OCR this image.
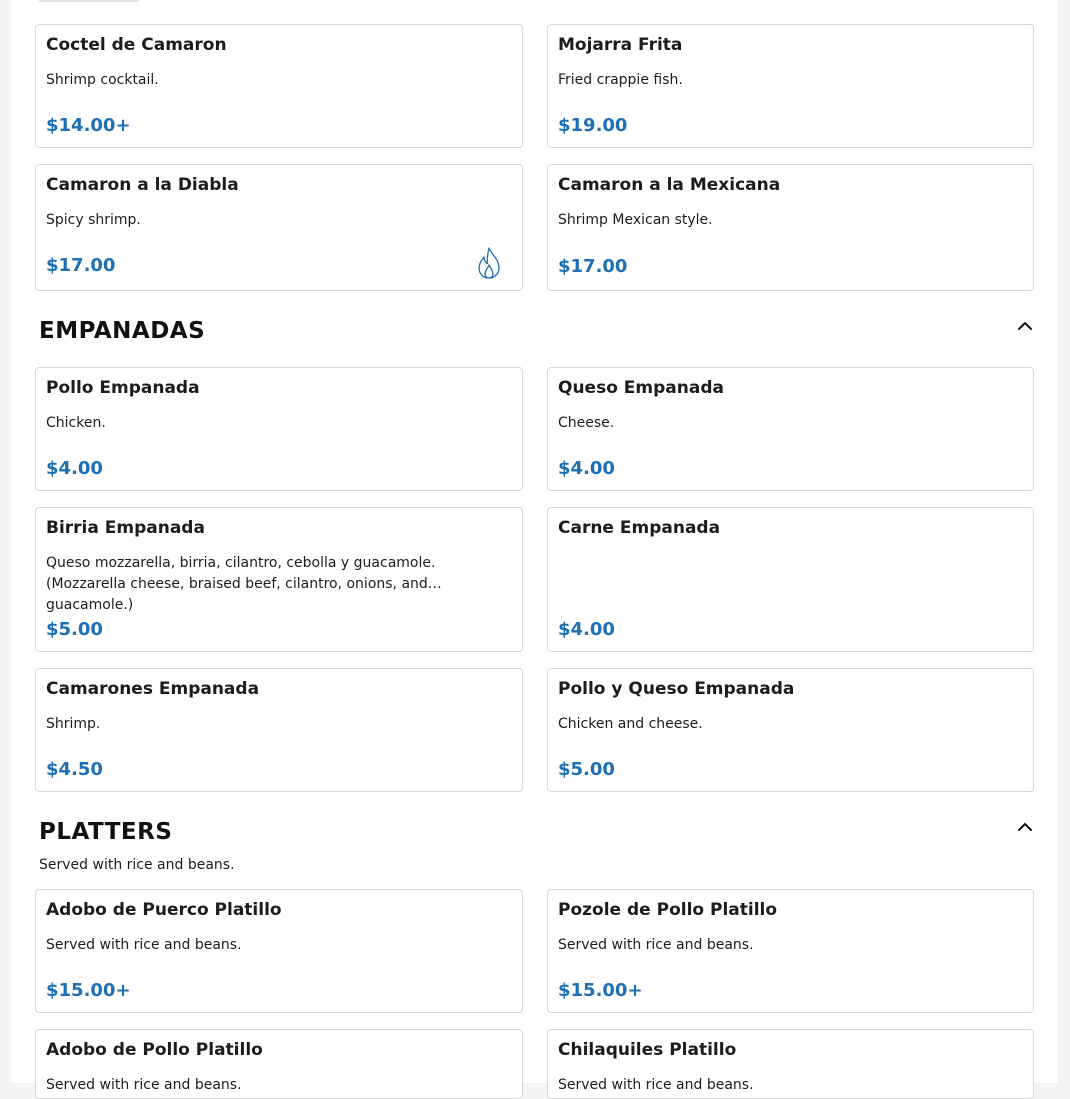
Coctel de Camaron
Shrimp cocktail.
$14.00+
Mojarra Frita
Fried crappie fish.
$19.00
Camaron a la Diabla
Spicy shrimp.
$17.00
Camaron a la Mexicana
Shrimp Mexican style.
$17.00
EMPANADAS
Pollo Empanada
Chicken.
$4.00
Queso Empanada
Cheese.
$4.00
Birria Empanada
Queso mozzarella, birria, cilantro, cebolla y guacamole. (Mozzarella cheese, braised beef, cilantro, onions, and guacamole.)
$5.00
Carne Empanada
$4.00
Camarones Empanada
Shrimp.
$4.50
Pollo y Queso Empanada
Chicken and cheese.
$5.00
PLATTERS
Served with rice and beans.
Adobo de Puerco Platillo
Served with rice and beans.
$15.00+
Pozole de Pollo Platillo
Served with rice and beans.
$15.00+
Adobo de Pollo Platillo
Served with rice and beans.
Chilaquiles Platillo
Served with rice and beans.
